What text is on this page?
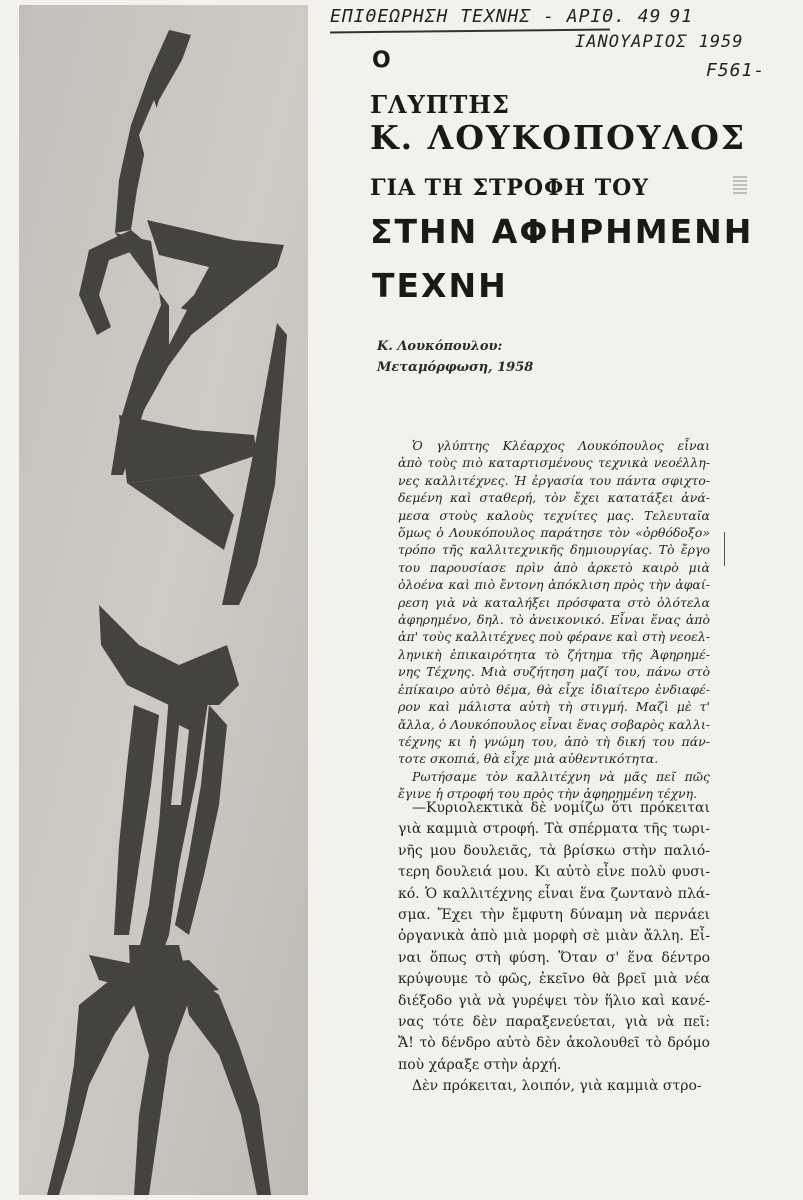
ΕΠΙΘΕΩΡΗΣΗ ΤΕΧΝΗΣ - ΑΡΙΘ. 49 91
ΙΑΝΟΥΑΡΙΟΣ 1959
F561-
Ο
ΓΛΥΠΤΗΣ
Κ. ΛΟΥΚΟΠΟΥΛΟΣ
ΓΙΑ ΤΗ ΣΤΡΟΦΗ ΤΟΥ
ΣΤΗΝ ΑΦΗΡΗΜΕΝΗ
ΤΕΧΝΗ
Κ. Λουκόπουλου:
Μεταμόρφωση, 1958
Ὁ γλύπτης Κλέαρχος Λουκόπουλος εἶναι
ἀπὸ τοὺς πιὸ καταρτισμένους τεχνικὰ νεοέλλη-
νες καλλιτέχνες. Ἡ ἐργασία του πάντα σφιχτο-
δεμένη καὶ σταθερή, τὸν ἔχει κατατάξει ἀνά-
μεσα στοὺς καλοὺς τεχνίτες μας. Τελευταῖα
ὅμως ὁ Λουκόπουλος παράτησε τὸν «ὀρθόδοξο»
τρόπο τῆς καλλιτεχνικῆς δημιουργίας. Τὸ ἔργο
του παρουσίασε πρὶν ἀπὸ ἀρκετὸ καιρὸ μιὰ
ὁλοένα καὶ πιὸ ἔντονη ἀπόκλιση πρὸς τὴν ἀφαί-
ρεση γιὰ νὰ καταλήξει πρόσφατα στὸ ὁλότελα
ἀφηρημένο, δηλ. τὸ ἀνεικονικό. Εἶναι ἕνας ἀπὸ
ἀπ' τοὺς καλλιτέχνες ποὺ φέρανε καὶ στὴ νεοελ-
ληνικὴ ἐπικαιρότητα τὸ ζήτημα τῆς Ἀφηρημέ-
νης Τέχνης. Μιὰ συζήτηση μαζί του, πάνω στὸ
ἐπίκαιρο αὐτὸ θέμα, θὰ εἶχε ἰδιαίτερο ἐνδιαφέ-
ρον καὶ μάλιστα αὐτὴ τὴ στιγμή. Μαζὶ μὲ τ'
ἄλλα, ὁ Λουκόπουλος εἶναι ἕνας σοβαρὸς καλλι-
τέχνης κι ἡ γνώμη του, ἀπὸ τὴ δική του πάν-
τοτε σκοπιά, θὰ εἶχε μιὰ αὐθεντικότητα.
Ρωτήσαμε τὸν καλλιτέχνη νὰ μᾶς πεῖ πῶς
ἔγινε ἡ στροφή του πρὸς τὴν ἀφηρημένη τέχνη.
—Κυριολεκτικὰ δὲ νομίζω ὅτι πρόκειται
γιὰ καμμιὰ στροφή. Τὰ σπέρματα τῆς τωρι-
νῆς μου δουλειᾶς, τὰ βρίσκω στὴν παλιό-
τερη δουλειά μου. Κι αὐτὸ εἶνε πολὺ φυσι-
κό. Ὁ καλλιτέχνης εἶναι ἕνα ζωντανὸ πλά-
σμα. Ἔχει τὴν ἔμφυτη δύναμη νὰ περνάει
ὀργανικὰ ἀπὸ μιὰ μορφὴ σὲ μιὰν ἄλλη. Εἶ-
ναι ὅπως στὴ φύση. Ὅταν σ' ἕνα δέντρο
κρύψουμε τὸ φῶς, ἐκεῖνο θὰ βρεῖ μιὰ νέα
διέξοδο γιὰ νὰ γυρέψει τὸν ἥλιο καὶ κανέ-
νας τότε δὲν παραξενεύεται, γιὰ νὰ πεῖ:
Ἄ! τὸ δένδρο αὐτὸ δὲν ἀκολουθεῖ τὸ δρόμο
ποὺ χάραξε στὴν ἀρχή.
Δὲν πρόκειται, λοιπόν, γιὰ καμμιὰ στρο-
